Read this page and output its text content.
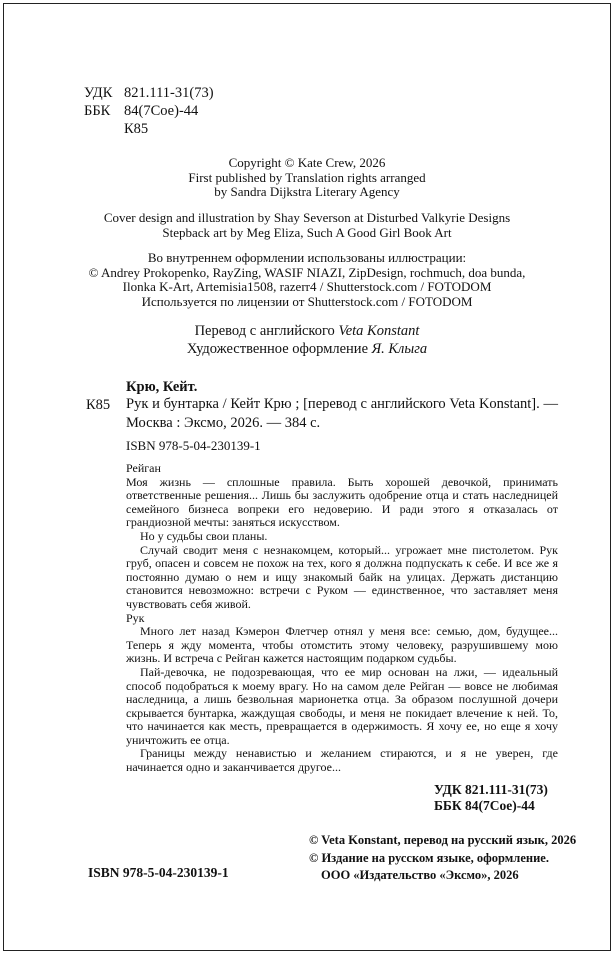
УДК 821.111-31(73)
ББК 84(7Сое)-44
К85
Copyright © Kate Crew, 2026
First published by Translation rights arranged
by Sandra Dijkstra Literary Agency
Cover design and illustration by Shay Severson at Disturbed Valkyrie Designs
Stepback art by Meg Eliza, Such A Good Girl Book Art
Во внутреннем оформлении использованы иллюстрации:
© Andrey Prokopenko, RayZing, WASIF NIAZI, ZipDesign, rochmuch, doa bunda,
Ilonka K-Art, Artemisia1508, razerr4 / Shutterstock.com / FOTODOM
Используется по лицензии от Shutterstock.com / FOTODOM
Перевод с английского Veta Konstant
Художественное оформление Я. Клыга
Крю, Кейт.
К85 Рук и бунтарка / Кейт Крю ; [перевод с английского Veta Konstant]. — Москва : Эксмо, 2026. — 384 с.
ISBN 978-5-04-230139-1

Рейган

Моя жизнь — сплошные правила. Быть хорошей девочкой, принимать ответственные решения... Лишь бы заслужить одобрение отца и стать наследницей семейного бизнеса вопреки его недоверию. И ради этого я отказалась от грандиозной мечты: заняться искусством.

Но у судьбы свои планы.

Случай сводит меня с незнакомцем, который... угрожает мне пистолетом. Рук груб, опасен и совсем не похож на тех, кого я должна подпускать к себе. И все же я постоянно думаю о нем и ищу знакомый байк на улицах. Держать дистанцию становится невозможно: встречи с Руком — единственное, что заставляет меня чувствовать себя живой.

Рук

Много лет назад Кэмерон Флетчер отнял у меня все: семью, дом, будущее... Теперь я жду момента, чтобы отомстить этому человеку, разрушившему мою жизнь. И встреча с Рейган кажется настоящим подарком судьбы.

Пай-девочка, не подозревающая, что ее мир основан на лжи, — идеальный способ подобраться к моему врагу. Но на самом деле Рейган — вовсе не любимая наследница, а лишь безвольная марионетка отца. За образом послушной дочери скрывается бунтарка, жаждущая свободы, и меня не покидает влечение к ней. То, что начинается как месть, превращается в одержимость. Я хочу ее, но еще я хочу уничтожить ее отца.

Границы между ненавистью и желанием стираются, и я не уверен, где начинается одно и заканчивается другое...

УДК 821.111-31(73)
ББК 84(7Сое)-44
© Veta Konstant, перевод на русский язык, 2026
© Издание на русском языке, оформление.
ООО «Издательство «Эксмо», 2026
ISBN 978-5-04-230139-1
